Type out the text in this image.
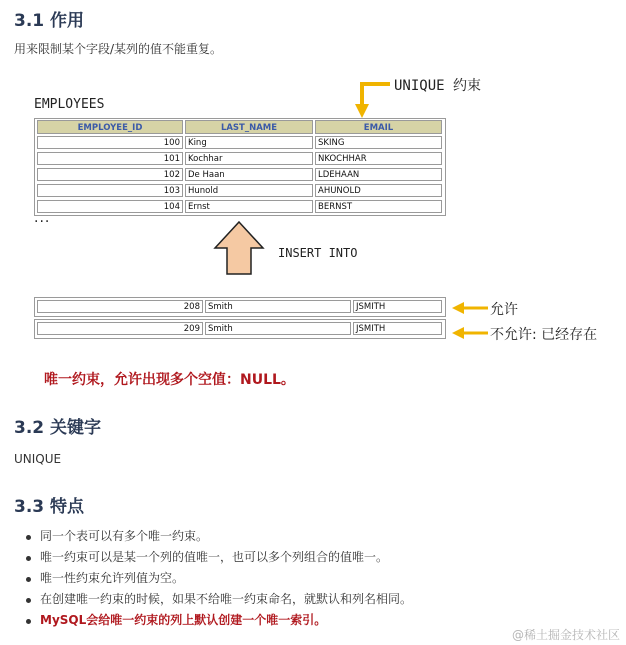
3.1 作用
用来限制某个字段/某列的值不能重复。
EMPLOYEES
UNIQUE 约束
EMPLOYEE_ID	LAST_NAME	EMAIL
100 King	SKING
101 Kochhar	NKOCHHAR
102 De Haan	LDEHAAN
103 Hunold	AHUNOLD
104 Ernst	BERNST
...
INSERT INTO
208 Smith	JSMITH
209 Smith	JSMITH
允许
不允许: 已经存在
唯一约束，允许出现多个空值：NULL。
3.2 关键字
UNIQUE
3.3 特点
同一个表可以有多个唯一约束。
唯一约束可以是某一个列的值唯一，也可以多个列组合的值唯一。
唯一性约束允许列值为空。
在创建唯一约束的时候，如果不给唯一约束命名，就默认和列名相同。
MySQL会给唯一约束的列上默认创建一个唯一索引。
@稀土掘金技术社区
